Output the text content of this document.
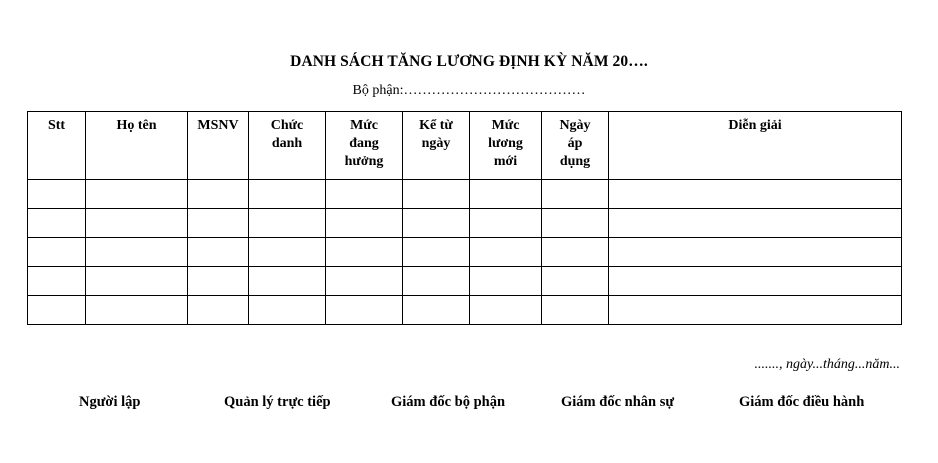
DANH SÁCH TĂNG LƯƠNG ĐỊNH KỲ NĂM 20….
Bộ phận:…………………………………
Stt	Họ tên	MSNV	Chức danh	Mức đang hưởng	Kể từ ngày	Mức lương mới	Ngày áp dụng	Diễn giải

......., ngày...tháng...năm...
Người lập	Quản lý trực tiếp	Giám đốc bộ phận	Giám đốc nhân sự	Giám đốc điều hành
